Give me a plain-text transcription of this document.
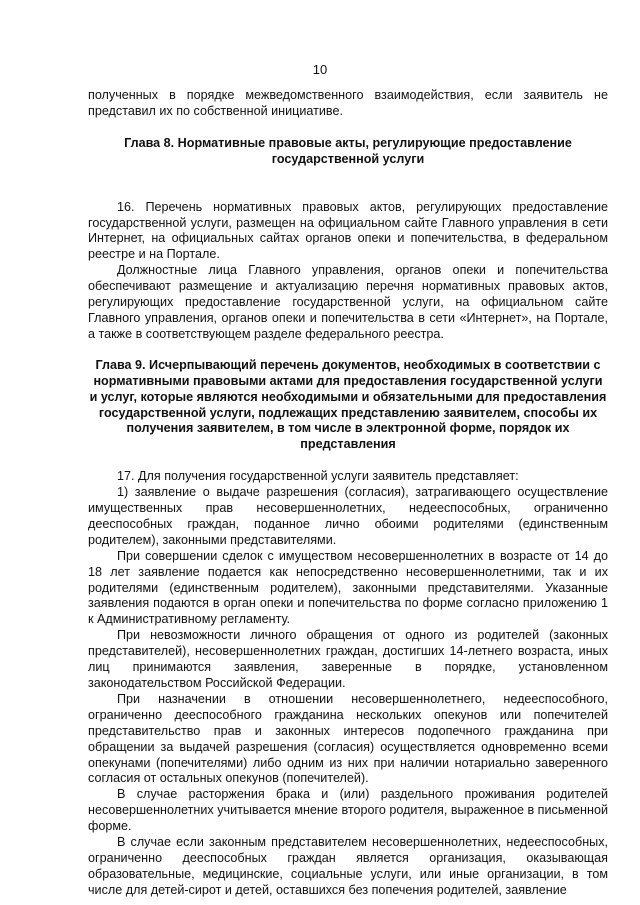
10

полученных в порядке межведомственного взаимодействия, если заявитель не представил их по собственной инициативе.

Глава 8. Нормативные правовые акты, регулирующие предоставление государственной услуги

16. Перечень нормативных правовых актов, регулирующих предоставление государственной услуги, размещен на официальном сайте Главного управления в сети Интернет, на официальных сайтах органов опеки и попечительства, в федеральном реестре и на Портале.

Должностные лица Главного управления, органов опеки и попечительства обеспечивают размещение и актуализацию перечня нормативных правовых актов, регулирующих предоставление государственной услуги, на официальном сайте Главного управления, органов опеки и попечительства в сети «Интернет», на Портале, а также в соответствующем разделе федерального реестра.

Глава 9. Исчерпывающий перечень документов, необходимых в соответствии с нормативными правовыми актами для предоставления государственной услуги и услуг, которые являются необходимыми и обязательными для предоставления государственной услуги, подлежащих представлению заявителем, способы их получения заявителем, в том числе в электронной форме, порядок их представления

17. Для получения государственной услуги заявитель представляет:

1) заявление о выдаче разрешения (согласия), затрагивающего осуществление имущественных прав несовершеннолетних, недееспособных, ограниченно дееспособных граждан, поданное лично обоими родителями (единственным родителем), законными представителями.

При совершении сделок с имуществом несовершеннолетних в возрасте от 14 до 18 лет заявление подается как непосредственно несовершеннолетними, так и их родителями (единственным родителем), законными представителями. Указанные заявления подаются в орган опеки и попечительства по форме согласно приложению 1 к Административному регламенту.

При невозможности личного обращения от одного из родителей (законных представителей), несовершеннолетних граждан, достигших 14-летнего возраста, иных лиц принимаются заявления, заверенные в порядке, установленном законодательством Российской Федерации.

При назначении в отношении несовершеннолетнего, недееспособного, ограниченно дееспособного гражданина нескольких опекунов или попечителей представительство прав и законных интересов подопечного гражданина при обращении за выдачей разрешения (согласия) осуществляется одновременно всеми опекунами (попечителями) либо одним из них при наличии нотариально заверенного согласия от остальных опекунов (попечителей).

В случае расторжения брака и (или) раздельного проживания родителей несовершеннолетних учитывается мнение второго родителя, выраженное в письменной форме.

В случае если законным представителем несовершеннолетних, недееспособных, ограниченно дееспособных граждан является организация, оказывающая образовательные, медицинские, социальные услуги, или иные организации, в том числе для детей-сирот и детей, оставшихся без попечения родителей, заявление
